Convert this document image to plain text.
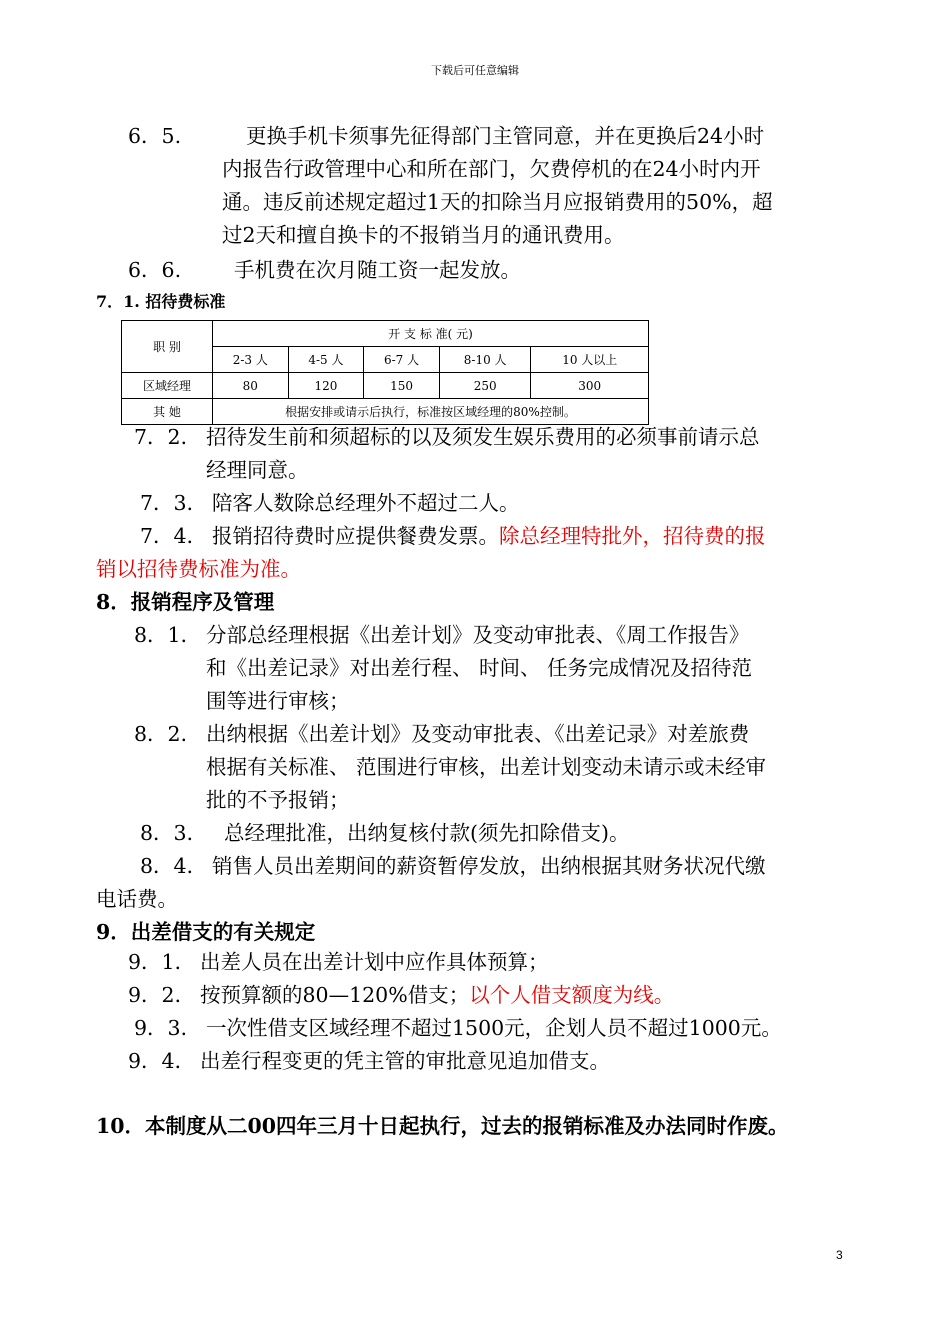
下载后可任意编辑
6．5.	更换手机卡须事先征得部门主管同意，并在更换后24小时
内报告行政管理中心和所在部门，欠费停机的在24小时内开
通。违反前述规定超过1天的扣除当月应报销费用的50%，超
过2天和擅自换卡的不报销当月的通讯费用。
6．6.	手机费在次月随工资一起发放。
7．1. 招待费标准
职 别	开 支 标 准( 元)				
	2-3 人	4-5 人	6-7 人	8-10 人	10 人以上
区域经理	80	120	150	250	300
其 她	根据安排或请示后执行，标准按区域经理的80%控制。				
7．2． 招待发生前和须超标的以及须发生娱乐费用的必须事前请示总
经理同意。
7．3． 陪客人数除总经理外不超过二人。
7．4． 报销招待费时应提供餐费发票。除总经理特批外，招待费的报
销以招待费标准为准。
8．报销程序及管理
8．1． 分部总经理根据《出差计划》及变动审批表、《周工作报告》
和《出差记录》对出差行程、 时间、 任务完成情况及招待范
围等进行审核；
8．2． 出纳根据《出差计划》及变动审批表、《出差记录》对差旅费
根据有关标准、 范围进行审核，出差计划变动未请示或未经审
批的不予报销；
8．3． 总经理批准，出纳复核付款(须先扣除借支)。
8．4． 销售人员出差期间的薪资暂停发放，出纳根据其财务状况代缴
电话费。
9．出差借支的有关规定
9．1． 出差人员在出差计划中应作具体预算；
9．2． 按预算额的80—120%借支；以个人借支额度为线。
9．3． 一次性借支区域经理不超过1500元，企划人员不超过1000元。
9．4． 出差行程变更的凭主管的审批意见追加借支。
10．本制度从二00四年三月十日起执行，过去的报销标准及办法同时作废。
3
